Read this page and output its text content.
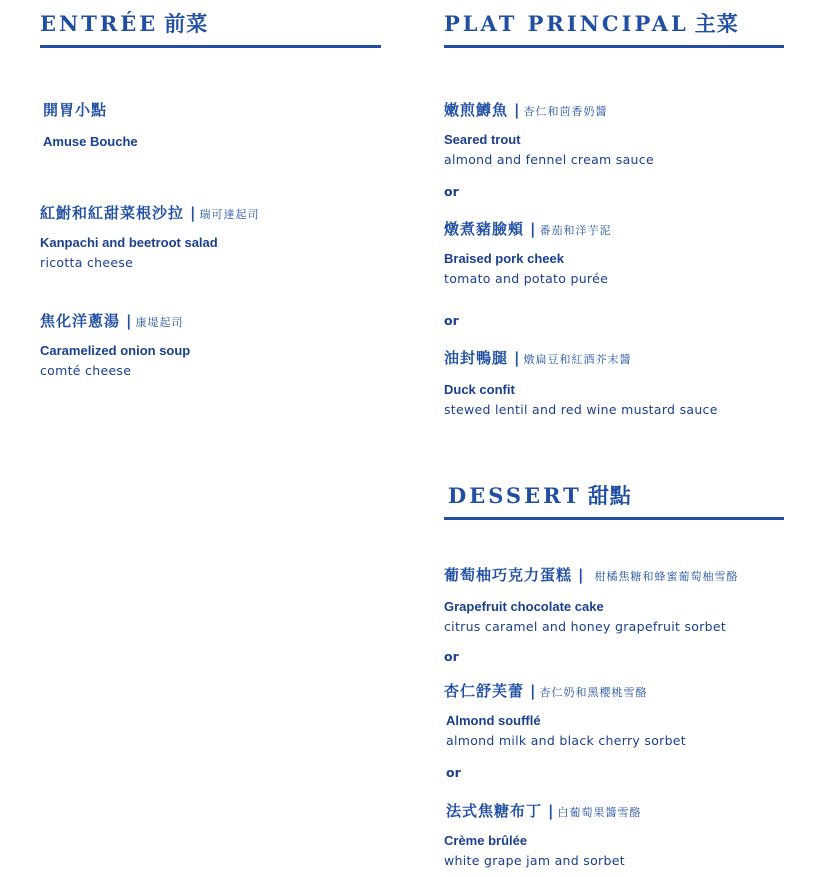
ENTRÉE 前菜
開胃小點
Amuse Bouche
紅鮒和紅甜菜根沙拉 | 瑞可達起司
Kanpachi and beetroot salad
ricotta cheese
焦化洋蔥湯 | 康堤起司
Caramelized onion soup
comté cheese
PLAT PRINCIPAL 主菜
嫩煎鱒魚 | 杏仁和茴香奶醬
Seared trout
almond and fennel cream sauce
or
燉煮豬臉頰 | 番茄和洋芋泥
Braised pork cheek
tomato and potato purée
or
油封鴨腿 | 燉扁豆和紅酒芥末醬
Duck confit
stewed lentil and red wine mustard sauce
DESSERT 甜點
葡萄柚巧克力蛋糕 | 柑橘焦糖和蜂蜜葡萄柚雪酪
Grapefruit chocolate cake
citrus caramel and honey grapefruit sorbet
or
杏仁舒芙蕾 | 杏仁奶和黑櫻桃雪酪
Almond soufflé
almond milk and black cherry sorbet
or
法式焦糖布丁 | 白葡萄果醬雪酪
Crème brûlée
white grape jam and sorbet
